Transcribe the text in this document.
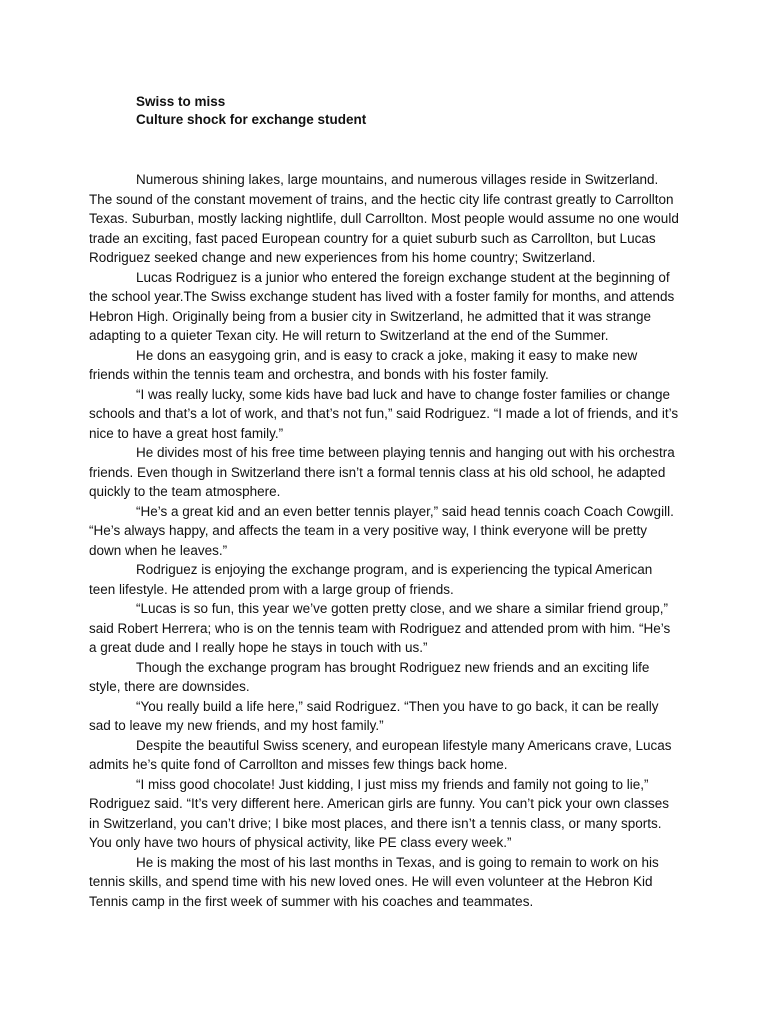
Swiss to miss

Culture shock for exchange student

Numerous shining lakes, large mountains, and numerous villages reside in Switzerland. The sound of the constant movement of trains, and the hectic city life contrast greatly to Carrollton Texas. Suburban, mostly lacking nightlife, dull Carrollton. Most people would assume no one would trade an exciting, fast paced European country for a quiet suburb such as Carrollton, but Lucas Rodriguez seeked change and new experiences from his home country; Switzerland.

Lucas Rodriguez is a junior who entered the foreign exchange student at the beginning of the school year.The Swiss exchange student has lived with a foster family for months, and attends Hebron High. Originally being from a busier city in Switzerland, he admitted that it was strange adapting to a quieter Texan city. He will return to Switzerland at the end of the Summer.

He dons an easygoing grin, and is easy to crack a joke, making it easy to make new friends within the tennis team and orchestra, and bonds with his foster family.

“I was really lucky, some kids have bad luck and have to change foster families or change schools and that’s a lot of work, and that’s not fun,” said Rodriguez. “I made a lot of friends, and it’s nice to have a great host family.”

He divides most of his free time between playing tennis and hanging out with his orchestra friends. Even though in Switzerland there isn’t a formal tennis class at his old school, he adapted quickly to the team atmosphere.

“He’s a great kid and an even better tennis player,” said head tennis coach Coach Cowgill. “He’s always happy, and affects the team in a very positive way, I think everyone will be pretty down when he leaves.”

Rodriguez is enjoying the exchange program, and is experiencing the typical American teen lifestyle. He attended prom with a large group of friends.

“Lucas is so fun, this year we’ve gotten pretty close, and we share a similar friend group,” said Robert Herrera; who is on the tennis team with Rodriguez and attended prom with him. “He’s a great dude and I really hope he stays in touch with us.”

Though the exchange program has brought Rodriguez new friends and an exciting life style, there are downsides.

“You really build a life here,” said Rodriguez. “Then you have to go back, it can be really sad to leave my new friends, and my host family.”

Despite the beautiful Swiss scenery, and european lifestyle many Americans crave, Lucas admits he’s quite fond of Carrollton and misses few things back home.

“I miss good chocolate! Just kidding, I just miss my friends and family not going to lie,” Rodriguez said. “It’s very different here. American girls are funny. You can’t pick your own classes in Switzerland, you can’t drive; I bike most places, and there isn’t a tennis class, or many sports. You only have two hours of physical activity, like PE class every week.”

He is making the most of his last months in Texas, and is going to remain to work on his tennis skills, and spend time with his new loved ones. He will even volunteer at the Hebron Kid Tennis camp in the first week of summer with his coaches and teammates.
